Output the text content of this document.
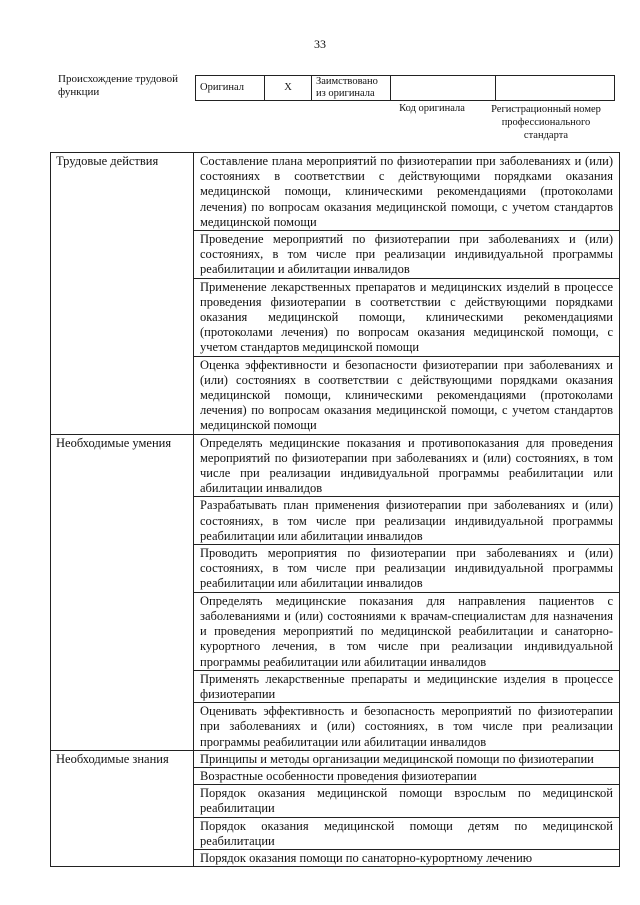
33
Происхождение трудовой функции	Оригинал	X	Заимствовано из оригинала		
Код оригинала	Регистрационный номер профессионального стандарта
Трудовые действия	Составление плана мероприятий по физиотерапии при заболеваниях и (или) состояниях в соответствии с действующими порядками оказания медицинской помощи, клиническими рекомендациями (протоколами лечения) по вопросам оказания медицинской помощи, с учетом стандартов медицинской помощи
	Проведение мероприятий по физиотерапии при заболеваниях и (или) состояниях, в том числе при реализации индивидуальной программы реабилитации и абилитации инвалидов
	Применение лекарственных препаратов и медицинских изделий в процессе проведения физиотерапии в соответствии с действующими порядками оказания медицинской помощи, клиническими рекомендациями (протоколами лечения) по вопросам оказания медицинской помощи, с учетом стандартов медицинской помощи
	Оценка эффективности и безопасности физиотерапии при заболеваниях и (или) состояниях в соответствии с действующими порядками оказания медицинской помощи, клиническими рекомендациями (протоколами лечения) по вопросам оказания медицинской помощи, с учетом стандартов медицинской помощи
Необходимые умения	Определять медицинские показания и противопоказания для проведения мероприятий по физиотерапии при заболеваниях и (или) состояниях, в том числе при реализации индивидуальной программы реабилитации или абилитации инвалидов
	Разрабатывать план применения физиотерапии при заболеваниях и (или) состояниях, в том числе при реализации индивидуальной программы реабилитации или абилитации инвалидов
	Проводить мероприятия по физиотерапии при заболеваниях и (или) состояниях, в том числе при реализации индивидуальной программы реабилитации или абилитации инвалидов
	Определять медицинские показания для направления пациентов с заболеваниями и (или) состояниями к врачам-специалистам для назначения и проведения мероприятий по медицинской реабилитации и санаторно-курортного лечения, в том числе при реализации индивидуальной программы реабилитации или абилитации инвалидов
	Применять лекарственные препараты и медицинские изделия в процессе физиотерапии
	Оценивать эффективность и безопасность мероприятий по физиотерапии при заболеваниях и (или) состояниях, в том числе при реализации программы реабилитации или абилитации инвалидов
Необходимые знания	Принципы и методы организации медицинской помощи по физиотерапии
	Возрастные особенности проведения физиотерапии
	Порядок оказания медицинской помощи взрослым по медицинской реабилитации
	Порядок оказания медицинской помощи детям по медицинской реабилитации
	Порядок оказания помощи по санаторно-курортному лечению
